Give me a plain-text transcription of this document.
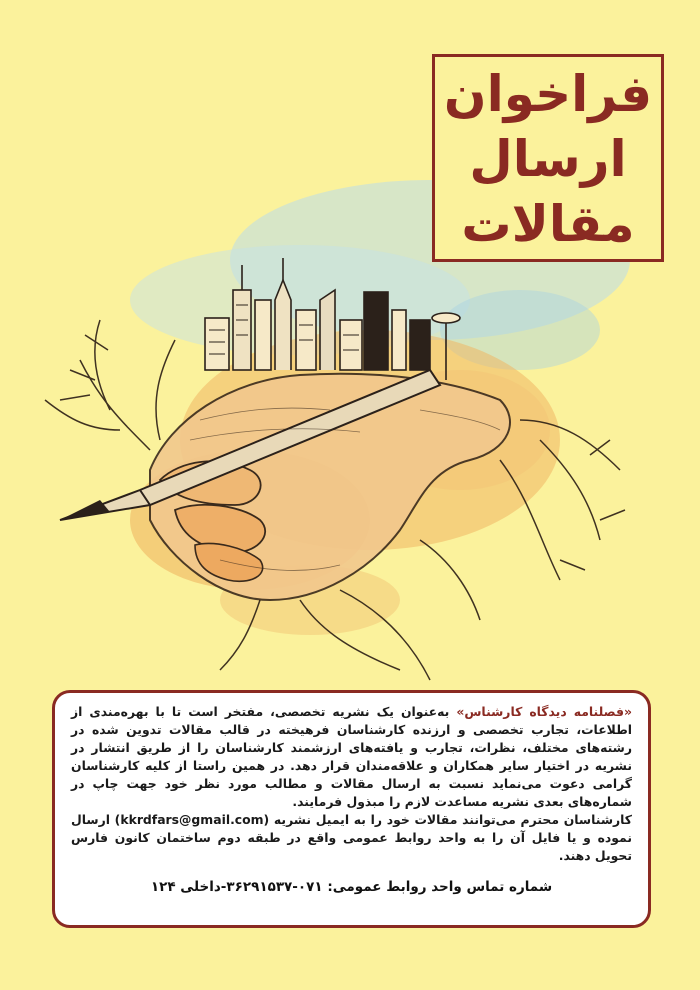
فراخوان
ارسال
مقالات

«فصلنامه دیدگاه کارشناس» به‌عنوان یک نشریه تخصصی، مفتخر است تا با بهره‌مندی از اطلاعات، تجارب تخصصی و ارزنده کارشناسان فرهیخته در قالب مقالات تدوین شده در رشته‌های مختلف، نظرات، تجارب و یافته‌های ارزشمند کارشناسان را از طریق انتشار در نشریه در اختیار سایر همکاران و علاقه‌مندان قرار دهد. در همین راستا از کلیه کارشناسان گرامی دعوت می‌نماید نسبت به ارسال مقالات و مطالب مورد نظر خود جهت چاپ در شماره‌های بعدی نشریه مساعدت لازم را مبذول فرمایند.

کارشناسان محترم می‌توانند مقالات خود را به ایمیل نشریه (kkrdfars@gmail.com) ارسال نموده و یا فایل آن را به واحد روابط عمومی واقع در طبقه دوم ساختمان کانون فارس تحویل دهند.

شماره تماس واحد روابط عمومی: ۰۷۱-۳۶۲۹۱۵۳۷-داخلی ۱۲۴
